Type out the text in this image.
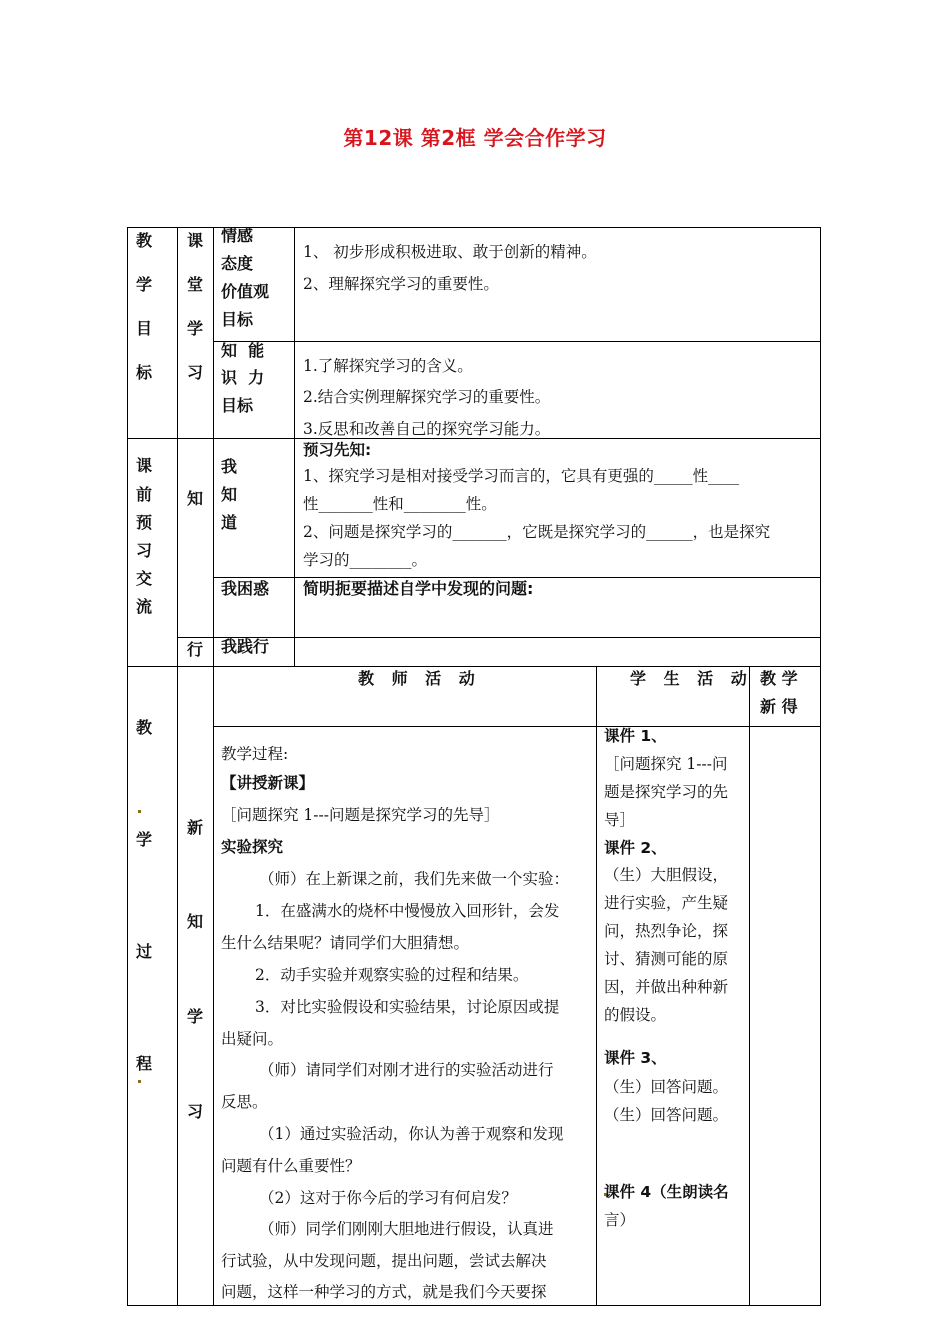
第12课 第2框 学会合作学习
教
学
目
标
课
堂
学
习
情感
态度
价值观
目标
1、 初步形成积极进取、敢于创新的精神。
2、理解探究学习的重要性。
知  能
识  力
目标
1.了解探究学习的含义。
2.结合实例理解探究学习的重要性。
3.反思和改善自己的探究学习能力。
课
前
预
习
交
流
知
行
我
知
道
预习先知:
1、探究学习是相对接受学习而言的，它具有更强的_____性____
性_______性和________性。
2、问题是探究学习的_______，它既是探究学习的______，也是探究
学习的________。
我困惑 简明扼要描述自学中发现的问题:
我践行
教
学
过
程
新
知
学
习
教 师 活 动	学 生 活 动 教 学
新 得
教学过程:
【讲授新课】
［问题探究 1---问题是探究学习的先导］
实验探究
（师）在上新课之前，我们先来做一个实验：
1．在盛满水的烧杯中慢慢放入回形针，会发
生什么结果呢？请同学们大胆猜想。
2．动手实验并观察实验的过程和结果。
3．对比实验假设和实验结果，讨论原因或提
出疑问。
（师）请同学们对刚才进行的实验活动进行
反思。
（1）通过实验活动，你认为善于观察和发现
问题有什么重要性？
（2）这对于你今后的学习有何启发？
（师）同学们刚刚大胆地进行假设，认真进
行试验，从中发现问题，提出问题，尝试去解决
问题，这样一种学习的方式，就是我们今天要探
课件 1、
［问题探究 1---问
题是探究学习的先
导］
课件 2、
（生）大胆假设，
进行实验，产生疑
问，热烈争论，探
讨、猜测可能的原
因，并做出种种新
的假设。
课件 3、
（生）回答问题。
（生）回答问题。
课件 4（生朗读名
言）
